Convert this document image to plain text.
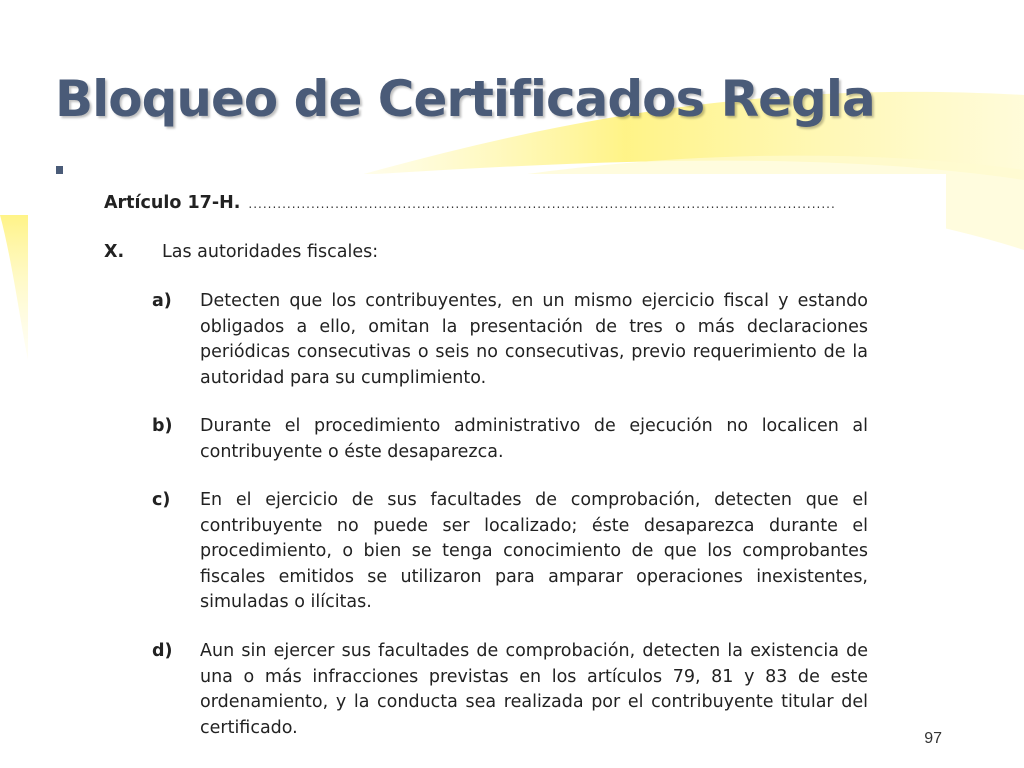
Bloqueo de Certificados Regla
Artículo 17-H. ..........................................................................................................................
X.	Las autoridades fiscales:
a)	Detecten que los contribuyentes, en un mismo ejercicio fiscal y estando obligados a ello, omitan la presentación de tres o más declaraciones periódicas consecutivas o seis no consecutivas, previo requerimiento de la autoridad para su cumplimiento.
b)	Durante el procedimiento administrativo de ejecución no localicen al contribuyente o éste desaparezca.
c)	En el ejercicio de sus facultades de comprobación, detecten que el contribuyente no puede ser localizado; éste desaparezca durante el procedimiento, o bien se tenga conocimiento de que los comprobantes fiscales emitidos se utilizaron para amparar operaciones inexistentes, simuladas o ilícitas.
d)	Aun sin ejercer sus facultades de comprobación, detecten la existencia de una o más infracciones previstas en los artículos 79, 81 y 83 de este ordenamiento, y la conducta sea realizada por el contribuyente titular del certificado.
97
